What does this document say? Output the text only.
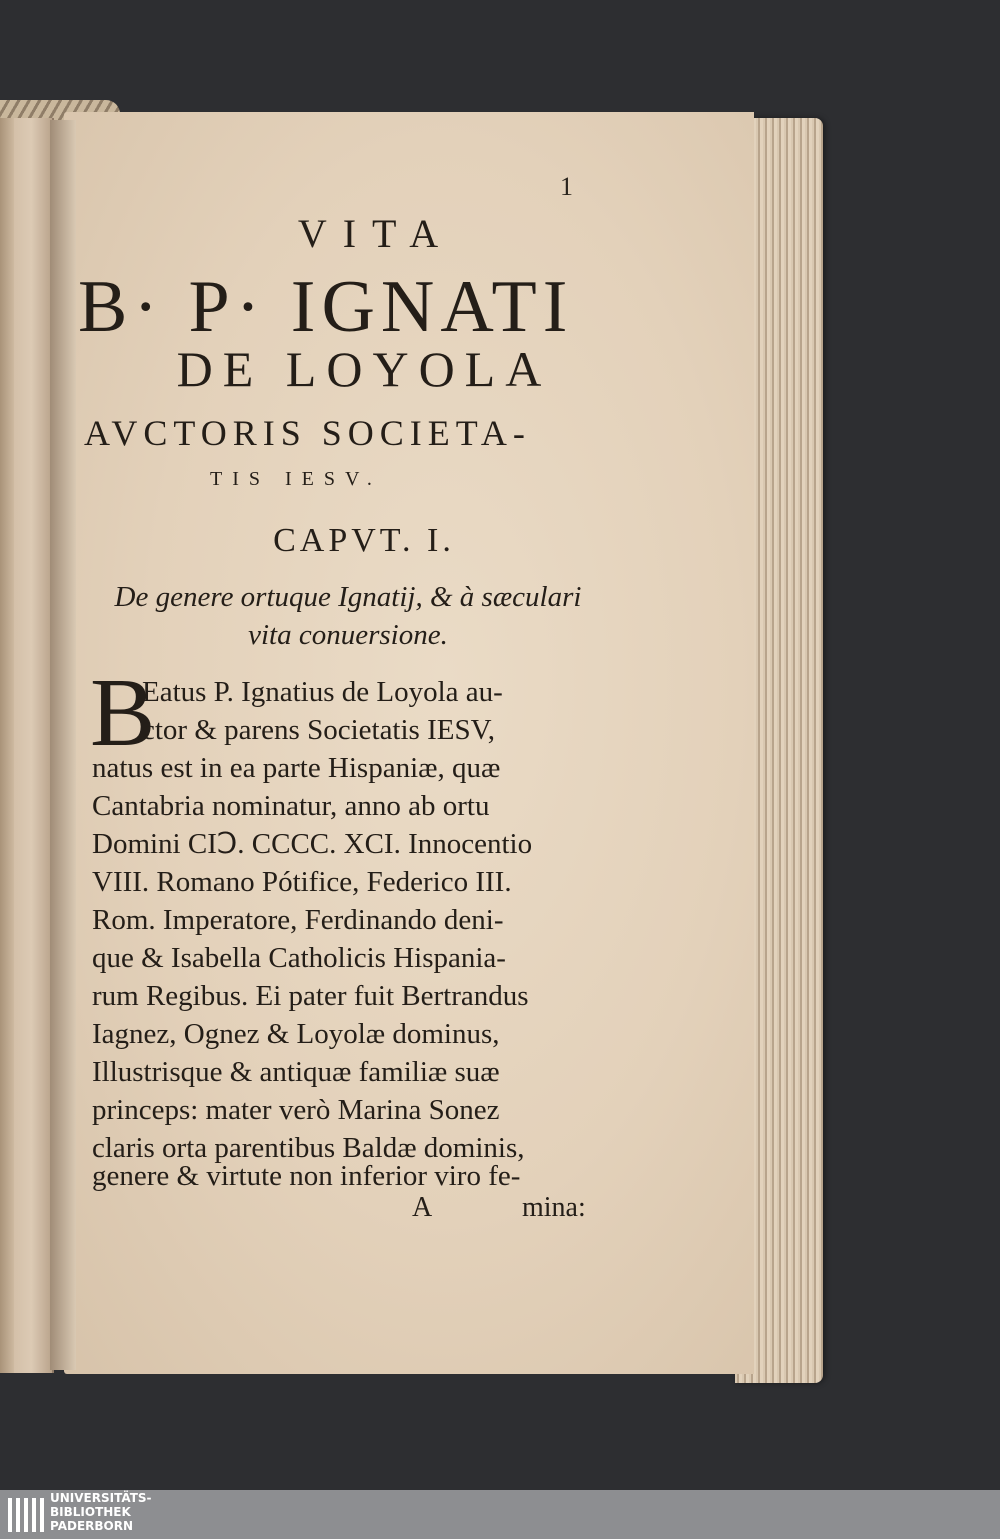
1
VITA
B· P· IGNATI
DE LOYOLA
AVCTORIS SOCIETA-
TIS IESV.
CAPVT. I.
De genere ortuque Ignatij, & à sæculari
vita conuersione.
B
Eatus P. Ignatius de Loyola au-
ctor & parens Societatis IESV,
natus est in ea parte Hispaniæ, quæ
Cantabria nominatur, anno ab ortu
Domini CIↃ. CCCC. XCI. Innocentio
VIII. Romano Pótifice, Federico III.
Rom. Imperatore, Ferdinando deni-
que & Isabella Catholicis Hispania-
rum Regibus. Ei pater fuit Bertrandus
Iagnez, Ognez & Loyolæ dominus,
Illustrisque & antiquæ familiæ suæ
princeps: mater verò Marina Sonez
claris orta parentibus Baldæ dominis,
genere & virtute non inferior viro fe-
A	mina:
UNIVERSITÄTS-
BIBLIOTHEK
PADERBORN
